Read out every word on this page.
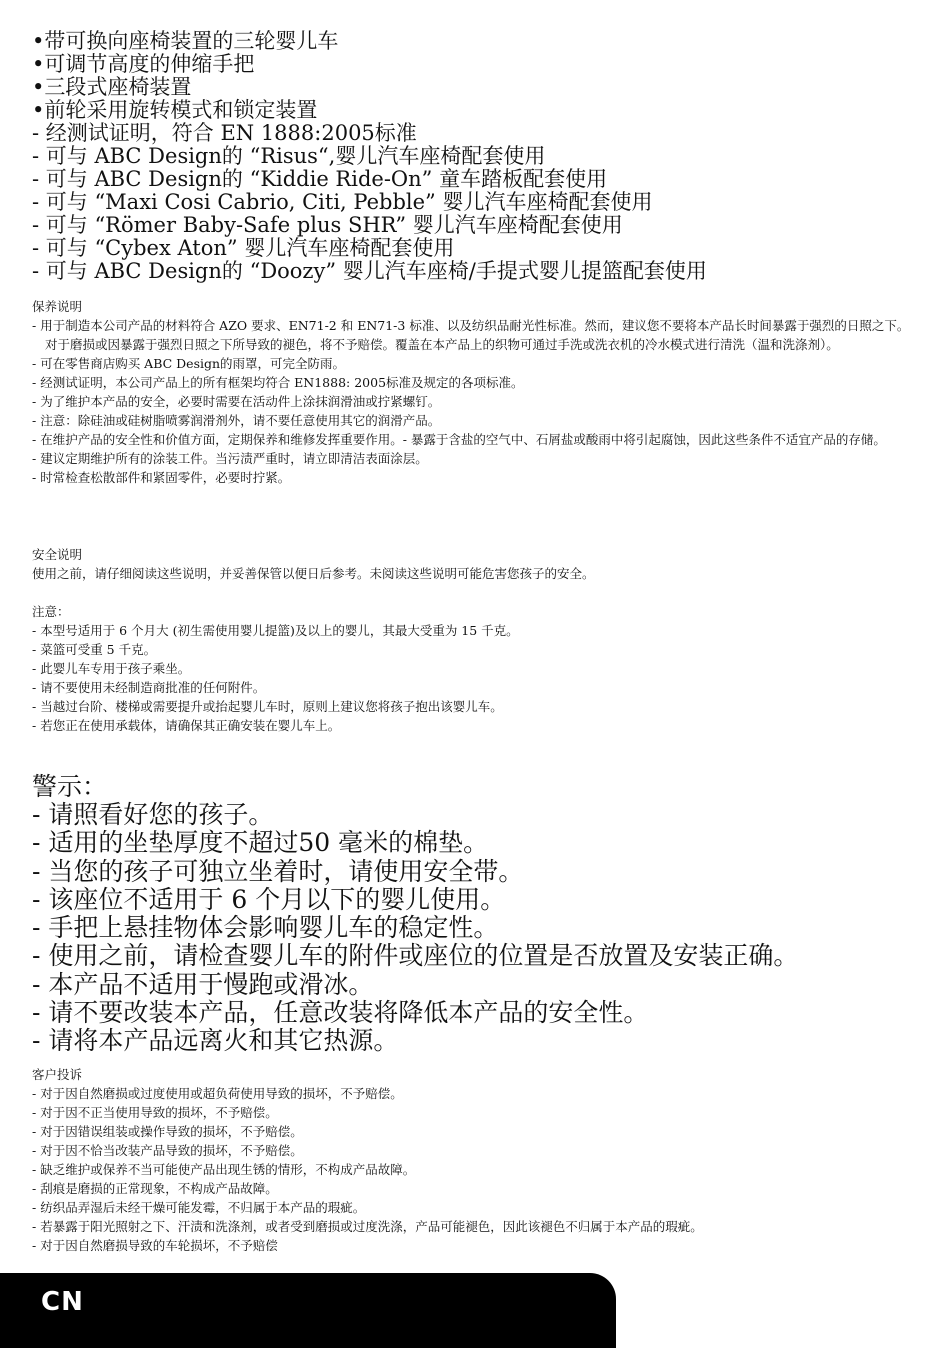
•带可换向座椅装置的三轮婴儿车
•可调节高度的伸缩手把
•三段式座椅装置
•前轮采用旋转模式和锁定装置
- 经测试证明，符合 EN 1888:2005标准
- 可与 ABC Design的 “Risus“,婴儿汽车座椅配套使用
- 可与 ABC Design的 “Kiddie Ride-On” 童车踏板配套使用
- 可与 “Maxi Cosi Cabrio, Citi, Pebble” 婴儿汽车座椅配套使用
- 可与 “Römer Baby-Safe plus SHR” 婴儿汽车座椅配套使用
- 可与 “Cybex Aton” 婴儿汽车座椅配套使用
- 可与 ABC Design的 “Doozy” 婴儿汽车座椅/手提式婴儿提篮配套使用
保养说明
- 用于制造本公司产品的材料符合 AZO 要求、EN71-2 和 EN71-3 标准、以及纺织品耐光性标准。然而，建议您不要将本产品长时间暴露于强烈的日照之下。对于磨损或因暴露于强烈日照之下所导致的褪色，将不予赔偿。覆盖在本产品上的织物可通过手洗或洗衣机的冷水模式进行清洗（温和洗涤剂）。
- 可在零售商店购买 ABC Design的雨罩，可完全防雨。
- 经测试证明，本公司产品上的所有框架均符合 EN1888: 2005标准及规定的各项标准。
- 为了维护本产品的安全，必要时需要在活动件上涂抹润滑油或拧紧螺钉。
- 注意：除硅油或硅树脂喷雾润滑剂外，请不要任意使用其它的润滑产品。
- 在维护产品的安全性和价值方面，定期保养和维修发挥重要作用。- 暴露于含盐的空气中、石屑盐或酸雨中将引起腐蚀，因此这些条件不适宜产品的存储。
- 建议定期维护所有的涂装工件。当污渍严重时，请立即清洁表面涂层。
- 时常检查松散部件和紧固零件，必要时拧紧。
安全说明
使用之前，请仔细阅读这些说明，并妥善保管以便日后参考。未阅读这些说明可能危害您孩子的安全。
注意：
- 本型号适用于 6 个月大 (初生需使用婴儿提篮)及以上的婴儿，其最大受重为 15 千克。
- 菜篮可受重 5 千克。
- 此婴儿车专用于孩子乘坐。
- 请不要使用未经制造商批准的任何附件。
- 当越过台阶、楼梯或需要提升或抬起婴儿车时，原则上建议您将孩子抱出该婴儿车。
- 若您正在使用承载体，请确保其正确安装在婴儿车上。
警示：
- 请照看好您的孩子。
- 适用的坐垫厚度不超过50 毫米的棉垫。
- 当您的孩子可独立坐着时，请使用安全带。
- 该座位不适用于 6 个月以下的婴儿使用。
- 手把上悬挂物体会影响婴儿车的稳定性。
- 使用之前，请检查婴儿车的附件或座位的位置是否放置及安装正确。
- 本产品不适用于慢跑或滑冰。
- 请不要改装本产品，任意改装将降低本产品的安全性。
- 请将本产品远离火和其它热源。
客户投诉
- 对于因自然磨损或过度使用或超负荷使用导致的损坏，不予赔偿。
- 对于因不正当使用导致的损坏，不予赔偿。
- 对于因错误组装或操作导致的损坏，不予赔偿。
- 对于因不恰当改装产品导致的损坏，不予赔偿。
- 缺乏维护或保养不当可能使产品出现生锈的情形，不构成产品故障。
- 刮痕是磨损的正常现象，不构成产品故障。
- 纺织品弄湿后未经干燥可能发霉，不归属于本产品的瑕疵。
- 若暴露于阳光照射之下、汗渍和洗涤剂，或者受到磨损或过度洗涤，产品可能褪色，因此该褪色不归属于本产品的瑕疵。
- 对于因自然磨损导致的车轮损坏，不予赔偿
CN
